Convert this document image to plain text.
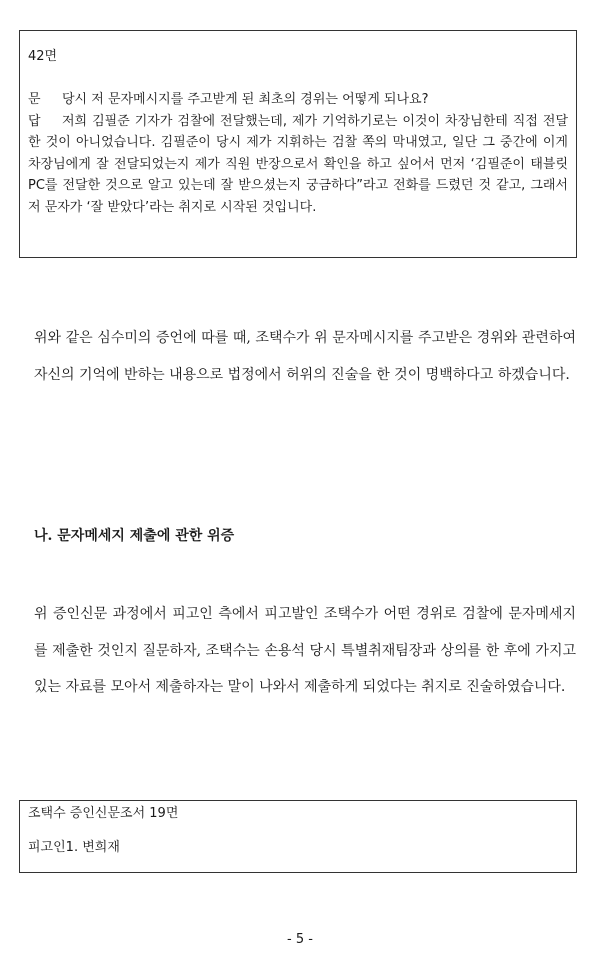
42면
문 당시 저 문자메시지를 주고받게 된 최초의 경위는 어떻게 되나요?
답 저희 김필준 기자가 검찰에 전달했는데, 제가 기억하기로는 이것이 차장님한테 직접 전달한 것이 아니었습니다. 김필준이 당시 제가 지휘하는 검찰 쪽의 막내였고, 일단 그 중간에 이게 차장님에게 잘 전달되었는지 제가 직원 반장으로서 확인을 하고 싶어서 먼저 ‘김필준이 태블릿PC를 전달한 것으로 알고 있는데 잘 받으셨는지 궁금하다”라고 전화를 드렸던 것 같고, 그래서 저 문자가 ‘잘 받았다’라는 취지로 시작된 것입니다.
위와 같은 심수미의 증언에 따를 때, 조택수가 위 문자메시지를 주고받은 경위와 관련하여 자신의 기억에 반하는 내용으로 법정에서 허위의 진술을 한 것이 명백하다고 하겠습니다.
나. 문자메세지 제출에 관한 위증
위 증인신문 과정에서 피고인 측에서 피고발인 조택수가 어떤 경위로 검찰에 문자메세지를 제출한 것인지 질문하자, 조택수는 손용석 당시 특별취재팀장과 상의를 한 후에 가지고 있는 자료를 모아서 제출하자는 말이 나와서 제출하게 되었다는 취지로 진술하였습니다.
조택수 증인신문조서 19면
피고인1. 변희재
- 5 -
